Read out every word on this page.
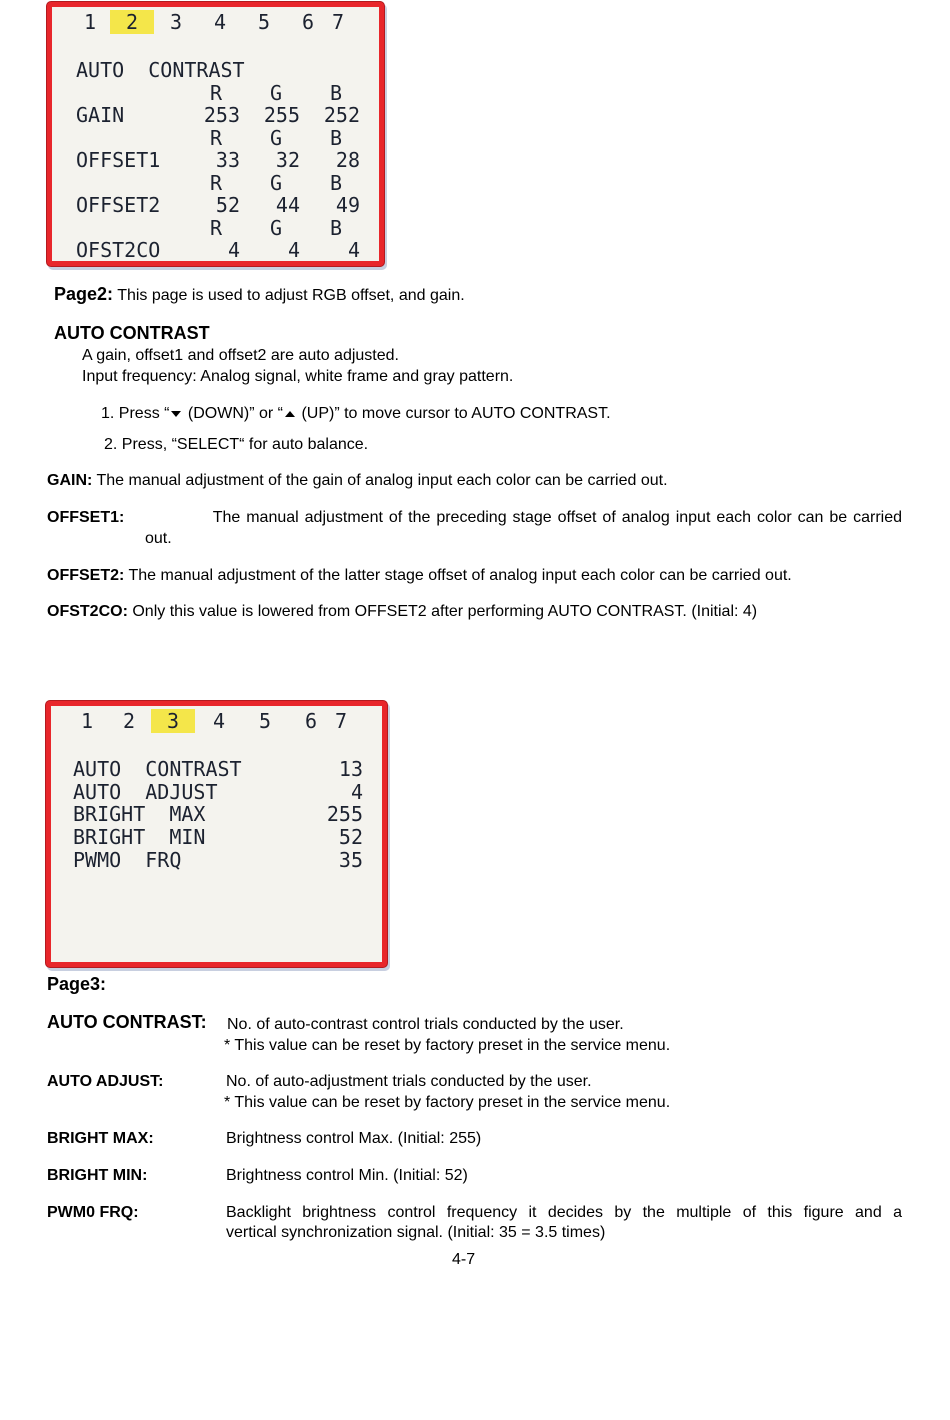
1	2	3	4	5	6 7
AUTO  CONTRAST
R G B
GAIN	253	255	252
R G B
OFFSET1	33	32	28
R G B
OFFSET2	52	44	49
R G B
OFST2CO	4	4	4
Page2: This page is used to adjust RGB offset, and gain.
AUTO CONTRAST
A gain, offset1 and offset2 are auto adjusted.
Input frequency: Analog signal, white frame and gray pattern.
1. Press “ (DOWN)” or “ (UP)” to move cursor to AUTO CONTRAST.
2. Press, “SELECT“ for auto balance.
GAIN: The manual adjustment of the gain of analog input each color can be carried out.
OFFSET1:	The manual adjustment of the preceding stage offset of analog input each color can be carried
out.
OFFSET2: The manual adjustment of the latter stage offset of analog input each color can be carried out.
OFST2CO: Only this value is lowered from OFFSET2 after performing AUTO CONTRAST. (Initial: 4)
1	2	3	4	5	6 7
AUTO  CONTRAST	13
AUTO  ADJUST	4
BRIGHT  MAX	255
BRIGHT  MIN	52
PWMO  FRQ	35
Page3:
AUTO CONTRAST: No. of auto-contrast control trials conducted by the user.
* This value can be reset by factory preset in the service menu.
AUTO ADJUST:	No. of auto-adjustment trials conducted by the user.
* This value can be reset by factory preset in the service menu.
BRIGHT MAX:	Brightness control Max. (Initial: 255)
BRIGHT MIN:	Brightness control Min. (Initial: 52)
PWM0 FRQ:	Backlight brightness control frequency it decides by the multiple of this figure and a
vertical synchronization signal. (Initial: 35 = 3.5 times)
4-7
